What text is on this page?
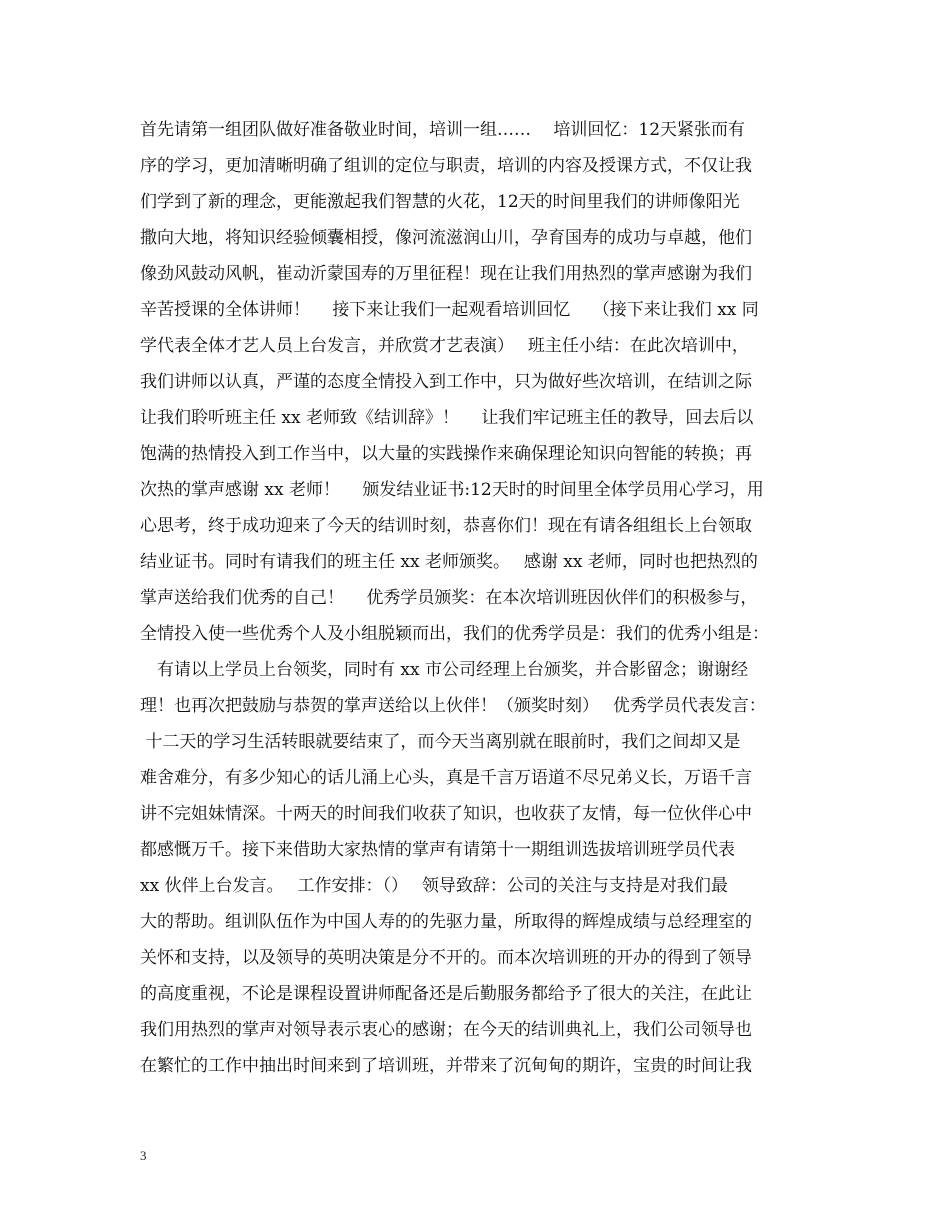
首先请第一组团队做好准备敬业时间，培训一组……　 培训回忆：12天紧张而有
序的学习，更加清晰明确了组训的定位与职责，培训的内容及授课方式，不仅让我
们学到了新的理念，更能激起我们智慧的火花，12天的时间里我们的讲师像阳光
撒向大地，将知识经验倾囊相授，像河流滋润山川，孕育国寿的成功与卓越，他们
像劲风鼓动风帆，崔动沂蒙国寿的万里征程！现在让我们用热烈的掌声感谢为我们
辛苦授课的全体讲师！　 接下来让我们一起观看培训回忆　 （接下来让我们 xx 同
学代表全体才艺人员上台发言，并欣赏才艺表演）　 班主任小结：在此次培训中，
我们讲师以认真，严谨的态度全情投入到工作中，只为做好些次培训，在结训之际
让我们聆听班主任 xx 老师致《结训辞》！　 让我们牢记班主任的教导，回去后以
饱满的热情投入到工作当中，以大量的实践操作来确保理论知识向智能的转换；再
次热的掌声感谢 xx 老师！　 颁发结业证书:12天时的时间里全体学员用心学习，用
心思考，终于成功迎来了今天的结训时刻，恭喜你们！现在有请各组组长上台领取
结业证书。同时有请我们的班主任 xx 老师颁奖。　 感谢 xx 老师，同时也把热烈的
掌声送给我们优秀的自己！　 优秀学员颁奖：在本次培训班因伙伴们的积极参与，
全情投入使一些优秀个人及小组脱颖而出，我们的优秀学员是：我们的优秀小组是：
　有请以上学员上台领奖，同时有 xx 市公司经理上台颁奖，并合影留念；谢谢经
理！也再次把鼓励与恭贺的掌声送给以上伙伴！（颁奖时刻）　 优秀学员代表发言：
十二天的学习生活转眼就要结束了，而今天当离别就在眼前时，我们之间却又是
难舍难分，有多少知心的话儿涌上心头，真是千言万语道不尽兄弟义长，万语千言
讲不完姐妹情深。十两天的时间我们收获了知识，也收获了友情，每一位伙伴心中
都感慨万千。接下来借助大家热情的掌声有请第十一期组训选拔培训班学员代表
xx 伙伴上台发言。　 工作安排：（）　 领导致辞：公司的关注与支持是对我们最
大的帮助。组训队伍作为中国人寿的的先驱力量，所取得的辉煌成绩与总经理室的
关怀和支持，以及领导的英明决策是分不开的。而本次培训班的开办的得到了领导
的高度重视，不论是课程设置讲师配备还是后勤服务都给予了很大的关注，在此让
我们用热烈的掌声对领导表示衷心的感谢；在今天的结训典礼上，我们公司领导也
在繁忙的工作中抽出时间来到了培训班，并带来了沉甸甸的期许，宝贵的时间让我
3
